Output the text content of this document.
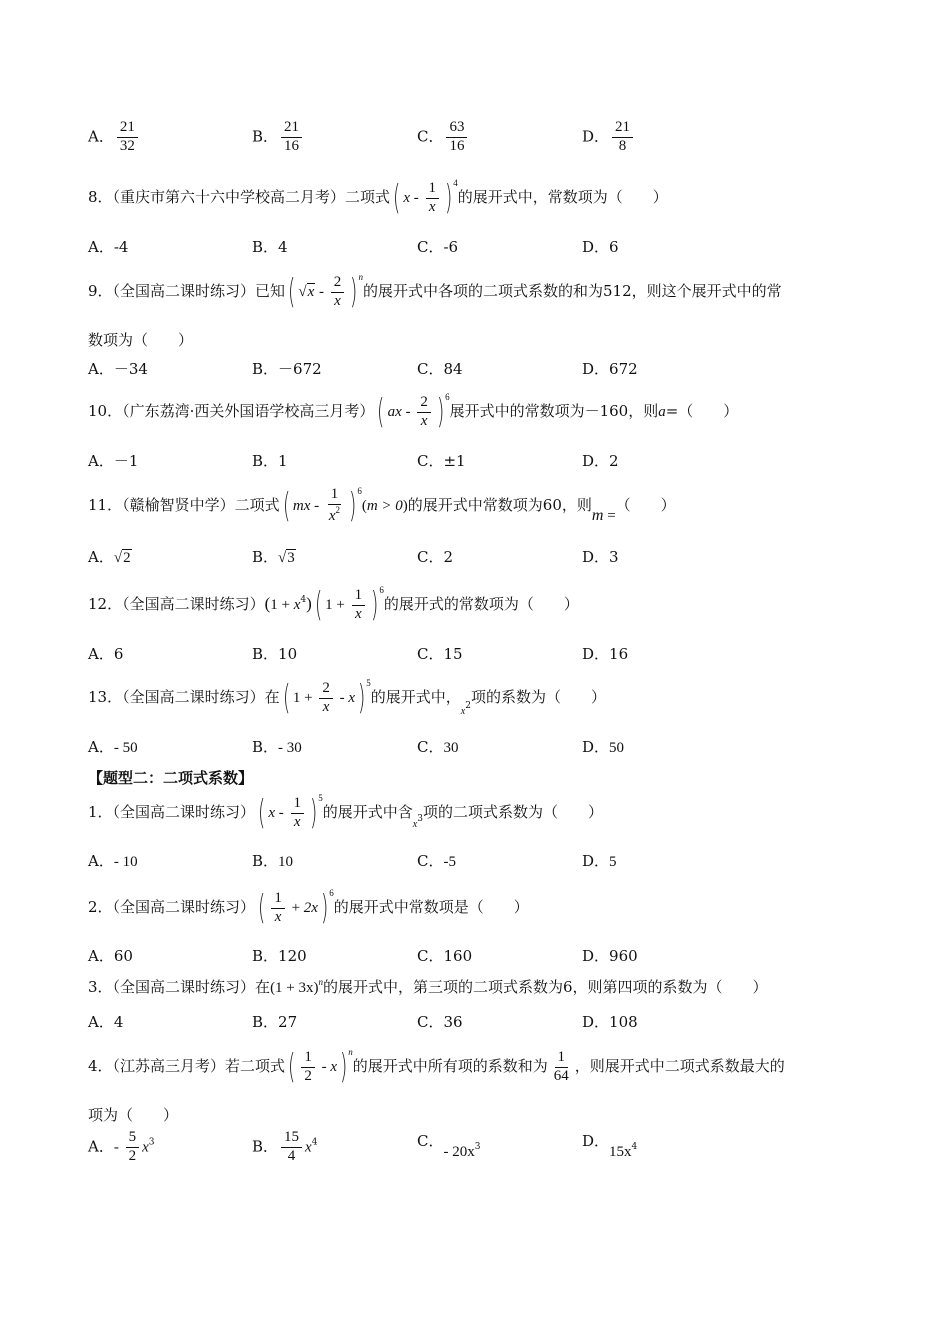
A． $\frac{21}{32}$	B． $\frac{21}{16}$	C． $\frac{63}{16}$	D． $\frac{21}{8}$
8．（重庆市第六十六中学校高二月考）二项式( x - $\frac{1}{x} )^4$的展开式中，常数项为（　　）
A．-4	B．4	C．-6	D．6
9．（全国高二课时练习）已知( $√x - \frac{2}{x} )^n$的展开式中各项的二项式系数的和为512，则这个展开式中的常
数项为（　　）
A．－34	B．－672	C．84	D．672
10．（广东荔湾·西关外国语学校高三月考）( ax - $\frac{2}{x} )^6$展开式中的常数项为－160，则a=（　　）
A．－1	B．1	C．±1	D．2
11．（赣榆智贤中学）二项式( mx - $\frac{1}{x^2} )^6(m > 0)$的展开式中常数项为60，则m =（　　）
A．√2	B．√3	C．2	D．3
12．（全国高二课时练习）$(1 + x^4)$( $1 + \frac{1}{x} )^6$的展开式的常数项为（　　）
A．6	B．10	C．15	D．16
13．（全国高二课时练习）在( $1 + \frac{2}{x} - x)^5$的展开式中，$_{x2}$项的系数为（　　）
A．- 50	B．- 30	C．30	D．50
【题型二：二项式系数】
1．（全国高二课时练习）( x - $\frac{1}{x} )^5$的展开式中含$_{x3}$项的二项式系数为（　　）
A．- 10	B．10	C．-5	D．5
2．（全国高二课时练习）( $\frac{1}{x} + 2x)^6$的展开式中常数项是（　　）
A．60	B．120	C．160	D．960
3．（全国高二课时练习）在$(1 + 3x)^n$的展开式中，第三项的二项式系数为6，则第四项的系数为（　　）
A．4	B．27	C．36	D．108
4．（江苏高三月考）若二项式( $\frac{1}{2} - x)^n$的展开式中所有项的系数和为 $\frac{1}{64}$ ，则展开式中二项式系数最大的
项为（　　）
A．- $\frac{5}{2} x^3$	B． $\frac{15}{4} x^4$	C．- $20x_3$	D．$15x_4$
